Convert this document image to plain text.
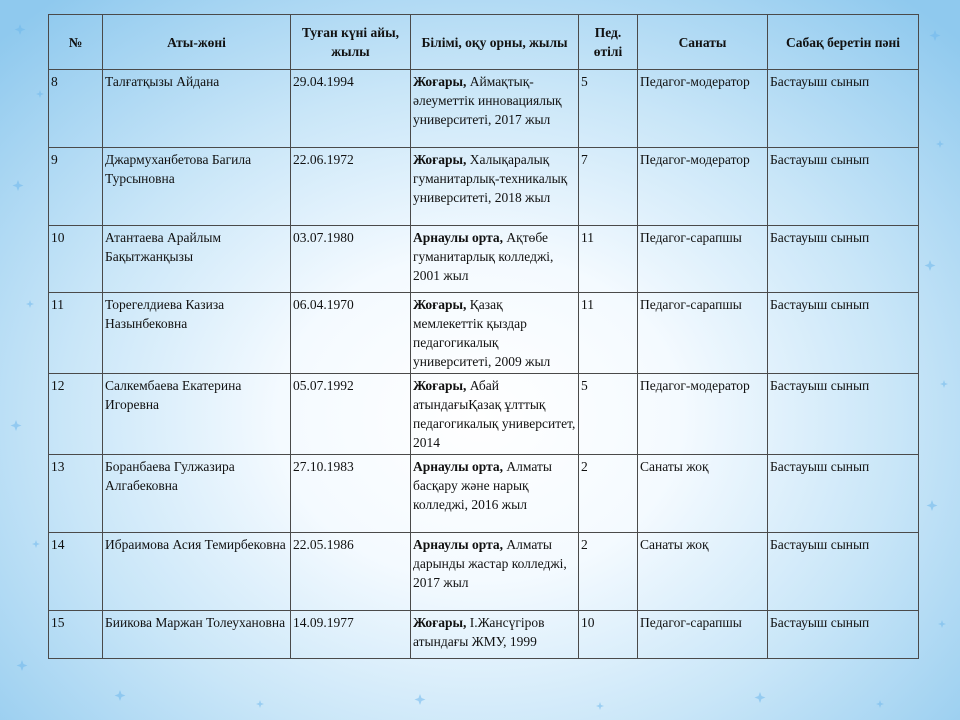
№	Аты-жөні	Туған күні айы, жылы	Білімі, оқу орны, жылы	Пед. өтілі	Санаты	Сабақ беретін пәні
8	Талғатқызы Айдана	29.04.1994	Жоғары, Аймақтық-әлеуметтік инновациялық университеті, 2017 жыл	5	Педагог-модератор	Бастауыш сынып
9	Джармуханбетова Багила Турсыновна	22.06.1972	Жоғары, Халықаралық гуманитарлық-техникалық университеті, 2018 жыл	7	Педагог-модератор	Бастауыш сынып
10	Атантаева Арайлым Бақытжанқызы	03.07.1980	Арнаулы орта, Ақтөбе гуманитарлық колледжі, 2001 жыл	11	Педагог-сарапшы	Бастауыш сынып
11	Торегелдиева Казиза Назынбековна	06.04.1970	Жоғары, Қазақ мемлекеттік қыздар педагогикалық университеті, 2009 жыл	11	Педагог-сарапшы	Бастауыш сынып
12	Салкембаева Екатерина Игоревна	05.07.1992	Жоғары, Абай атындағыҚазақ ұлттық педагогикалық университет, 2014	5	Педагог-модератор	Бастауыш сынып
13	Боранбаева Гулжазира Алгабековна	27.10.1983	Арнаулы орта, Алматы басқару және нарық колледжі, 2016 жыл	2	Санаты жоқ	Бастауыш сынып
14	Ибраимова Асия Темирбековна	22.05.1986	Арнаулы орта, Алматы дарынды жастар колледжі, 2017 жыл	2	Санаты жоқ	Бастауыш сынып
15	Биикова Маржан Толеухановна	14.09.1977	Жоғары, І.Жансүгіров атындағы ЖМУ, 1999	10	Педагог-сарапшы	Бастауыш сынып
